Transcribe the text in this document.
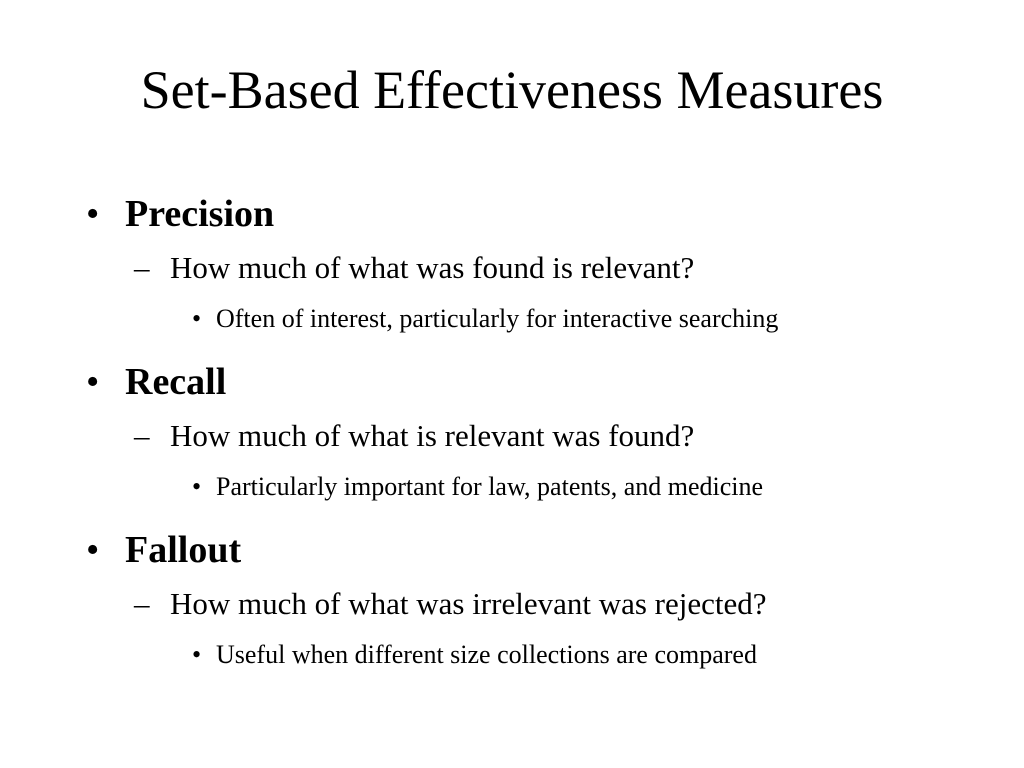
Set-Based Effectiveness Measures
• Precision
– How much of what was found is relevant?
• Often of interest, particularly for interactive searching
• Recall
– How much of what is relevant was found?
• Particularly important for law, patents, and medicine
• Fallout
– How much of what was irrelevant was rejected?
• Useful when different size collections are compared
